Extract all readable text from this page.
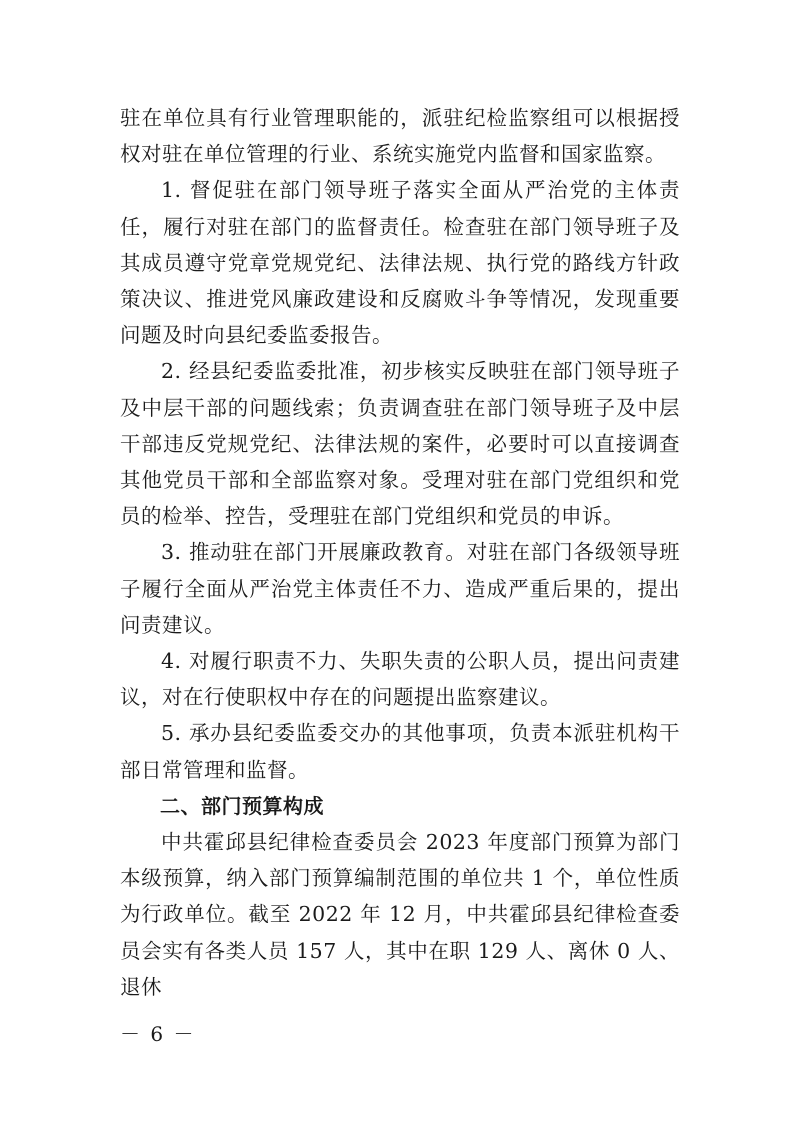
驻在单位具有行业管理职能的，派驻纪检监察组可以根据授权对驻在单位管理的行业、系统实施党内监督和国家监察。

1. 督促驻在部门领导班子落实全面从严治党的主体责任，履行对驻在部门的监督责任。检查驻在部门领导班子及其成员遵守党章党规党纪、法律法规、执行党的路线方针政策决议、推进党风廉政建设和反腐败斗争等情况，发现重要问题及时向县纪委监委报告。

2. 经县纪委监委批准，初步核实反映驻在部门领导班子及中层干部的问题线索；负责调查驻在部门领导班子及中层干部违反党规党纪、法律法规的案件，必要时可以直接调查其他党员干部和全部监察对象。受理对驻在部门党组织和党员的检举、控告，受理驻在部门党组织和党员的申诉。

3. 推动驻在部门开展廉政教育。对驻在部门各级领导班子履行全面从严治党主体责任不力、造成严重后果的，提出问责建议。

4. 对履行职责不力、失职失责的公职人员，提出问责建议，对在行使职权中存在的问题提出监察建议。

5. 承办县纪委监委交办的其他事项，负责本派驻机构干部日常管理和监督。

二、部门预算构成

中共霍邱县纪律检查委员会 2023 年度部门预算为部门本级预算，纳入部门预算编制范围的单位共 1 个，单位性质为行政单位。截至 2022 年 12 月，中共霍邱县纪律检查委员会实有各类人员 157 人，其中在职 129 人、离休 0 人、退休

－ 6 －
